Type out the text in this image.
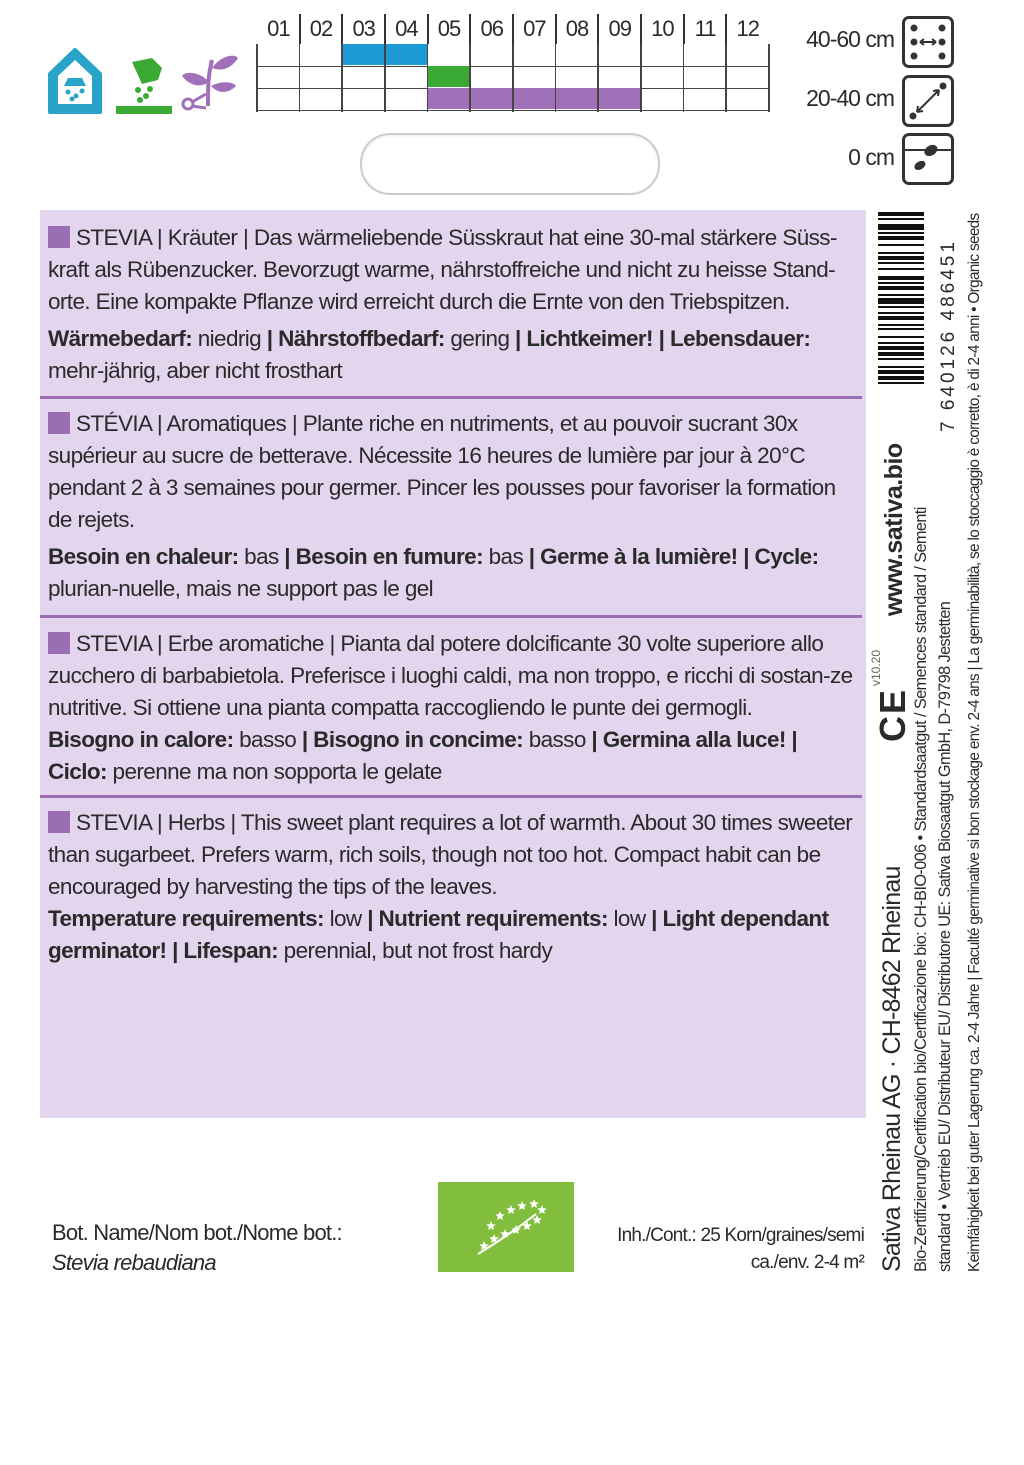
01 02 03 04 05 06 07 08 09 10 11 12	40-60 cm
20-40 cm
0 cm

STEVIA | Kräuter | Das wärmeliebende Süsskraut hat eine 30-mal stärkere Süss-kraft als Rübenzucker. Bevorzugt warme, nährstoffreiche und nicht zu heisse Stand-orte. Eine kompakte Pflanze wird erreicht durch die Ernte von den Triebspitzen.

Wärmebedarf: niedrig | Nährstoffbedarf: gering | Lichtkeimer! | Lebensdauer: mehr-jährig, aber nicht frosthart

STÉVIA | Aromatiques | Plante riche en nutriments, et au pouvoir sucrant 30x supérieur au sucre de betterave. Nécessite 16 heures de lumière par jour à 20°C pendant 2 à 3 semaines pour germer. Pincer les pousses pour favoriser la formation de rejets.

Besoin en chaleur: bas | Besoin en fumure: bas | Germe à la lumière! | Cycle: plurian-nuelle, mais ne support pas le gel

STEVIA | Erbe aromatiche | Pianta dal potere dolcificante 30 volte superiore allo zucchero di barbabietola. Preferisce i luoghi caldi, ma non troppo, e ricchi di sostan-ze nutritive. Si ottiene una pianta compatta raccogliendo le punte dei germogli.

Bisogno in calore: basso | Bisogno in concime: basso | Germina alla luce! | Ciclo: perenne ma non sopporta le gelate

STEVIA | Herbs | This sweet plant requires a lot of warmth. About 30 times sweeter than sugarbeet. Prefers warm, rich soils, though not too hot. Compact habit can be encouraged by harvesting the tips of the leaves.

Temperature requirements: low | Nutrient requirements: low | Light dependant germinator! | Lifespan: perennial, but not frost hardy

Bot. Name/Nom bot./Nome bot.:
Stevia rebaudiana
Inh./Cont.: 25 Korn/graines/semi
ca./env. 2-4 m²
7 640126 486451
www.sativa.bio
v10.20
CE
Sativa Rheinau AG · CH-8462 Rheinau Bio-Zertifizierung/Certification bio/Certificazione bio: CH-BIO-006 • Standardsaatgut / Semences standard / Sementi standard • Vertrieb EU/ Distributeur EU/ Distributore UE: Sativa Biosaatgut GmbH, D-79798 Jestetten Keimfähigkeit bei guter Lagerung ca. 2-4 Jahre | Faculté germinative si bon stockage env. 2-4 ans | La germinabilità, se lo stoccaggio è corretto, è di 2-4 anni • Organic seeds
